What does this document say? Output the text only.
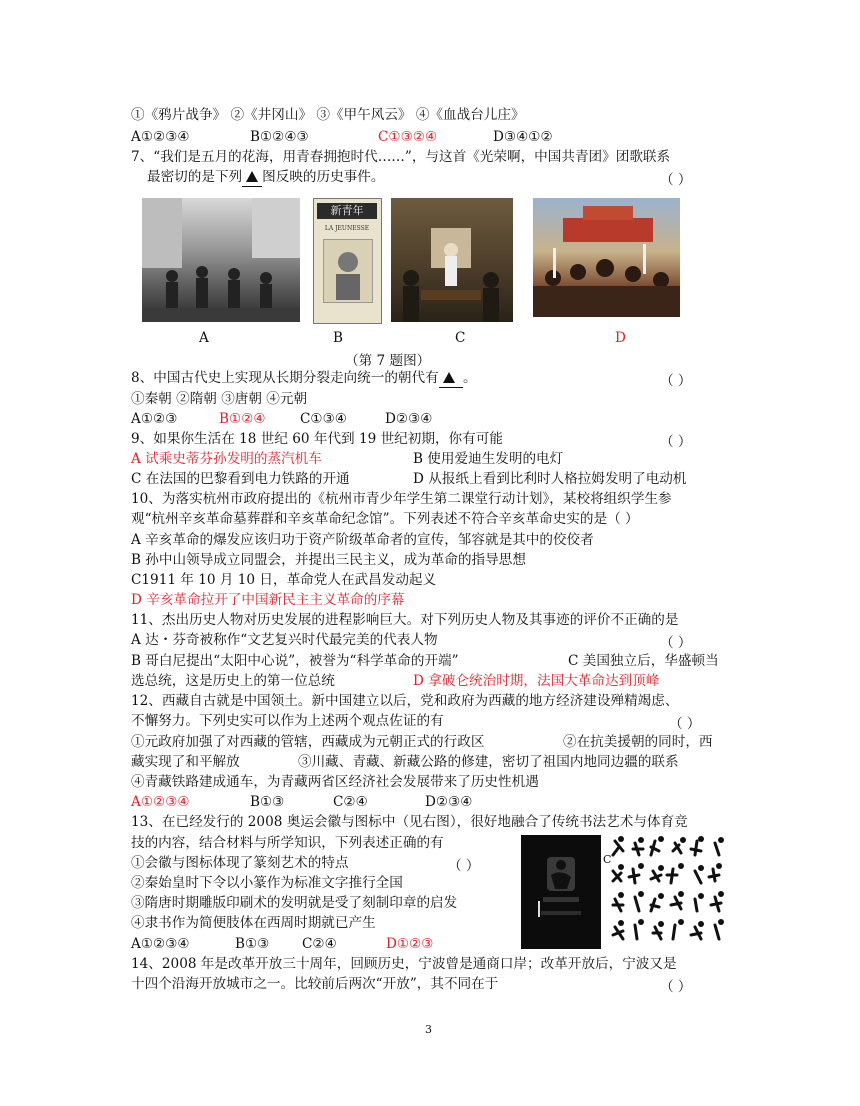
①《鸦片战争》 ②《井冈山》 ③《甲午风云》 ④《血战台儿庄》
A①②③④	B①②④③	C①③②④	D③④①②
7、“我们是五月的花海，用青春拥抱时代……”，与这首《光荣啊，中国共青团》团歌联系
最密切的是下列 图反映的历史事件。	（ ）
新青年
LA JEUNESSE
A	B	C	D
（第 7 题图）
8、中国古代史上实现从长期分裂走向统一的朝代有 。	（ ）
①秦朝 ②隋朝 ③唐朝 ④元朝
A①②③	B①②④	C①③④	D②③④
9、如果你生活在 18 世纪 60 年代到 19 世纪初期，你有可能	（ ）
A 试乘史蒂芬孙发明的蒸汽机车	B 使用爱迪生发明的电灯
C 在法国的巴黎看到电力铁路的开通	D 从报纸上看到比利时人格拉姆发明了电动机
10、为落实杭州市政府提出的《杭州市青少年学生第二课堂行动计划》，某校将组织学生参
观“杭州辛亥革命墓葬群和辛亥革命纪念馆”。下列表述不符合辛亥革命史实的是（ ）
A 辛亥革命的爆发应该归功于资产阶级革命者的宣传，邹容就是其中的佼佼者
B 孙中山领导成立同盟会，并提出三民主义，成为革命的指导思想
C1911 年 10 月 10 日，革命党人在武昌发动起义
D 辛亥革命拉开了中国新民主主义革命的序幕
11、杰出历史人物对历史发展的进程影响巨大。对下列历史人物及其事迹的评价不正确的是
A 达・芬奇被称作“文艺复兴时代最完美的代表人物	（ ）
B 哥白尼提出“太阳中心说”，被誉为“科学革命的开端”	C 美国独立后，华盛顿当
选总统，这是历史上的第一位总统	D 拿破仑统治时期，法国大革命达到顶峰
12、西藏自古就是中国领土。新中国建立以后，党和政府为西藏的地方经济建设殚精竭虑、
不懈努力。下列史实可以作为上述两个观点佐证的有	（ ）
①元政府加强了对西藏的管辖，西藏成为元朝正式的行政区	②在抗美援朝的同时，西
藏实现了和平解放	③川藏、青藏、新藏公路的修建，密切了祖国内地同边疆的联系
④青藏铁路建成通车，为青藏两省区经济社会发展带来了历史性机遇
A①②③④	B①③	C②④	D②③④
13、在已经发行的 2008 奥运会徽与图标中（见右图），很好地融合了传统书法艺术与体育竞
技的内容，结合材料与所学知识，下列表述正确的有
①会徽与图标体现了篆刻艺术的特点	（ ）
②秦始皇时下令以小篆作为标准文字推行全国
③隋唐时期雕版印刷术的发明就是受了刻制印章的启发
④隶书作为简便肢体在西周时期就已产生
A①②③④	B①③ C②④	D①②③
C
14、2008 年是改革开放三十周年，回顾历史，宁波曾是通商口岸；改革开放后，宁波又是
十四个沿海开放城市之一。比较前后两次“开放”，其不同在于	（ ）
3
